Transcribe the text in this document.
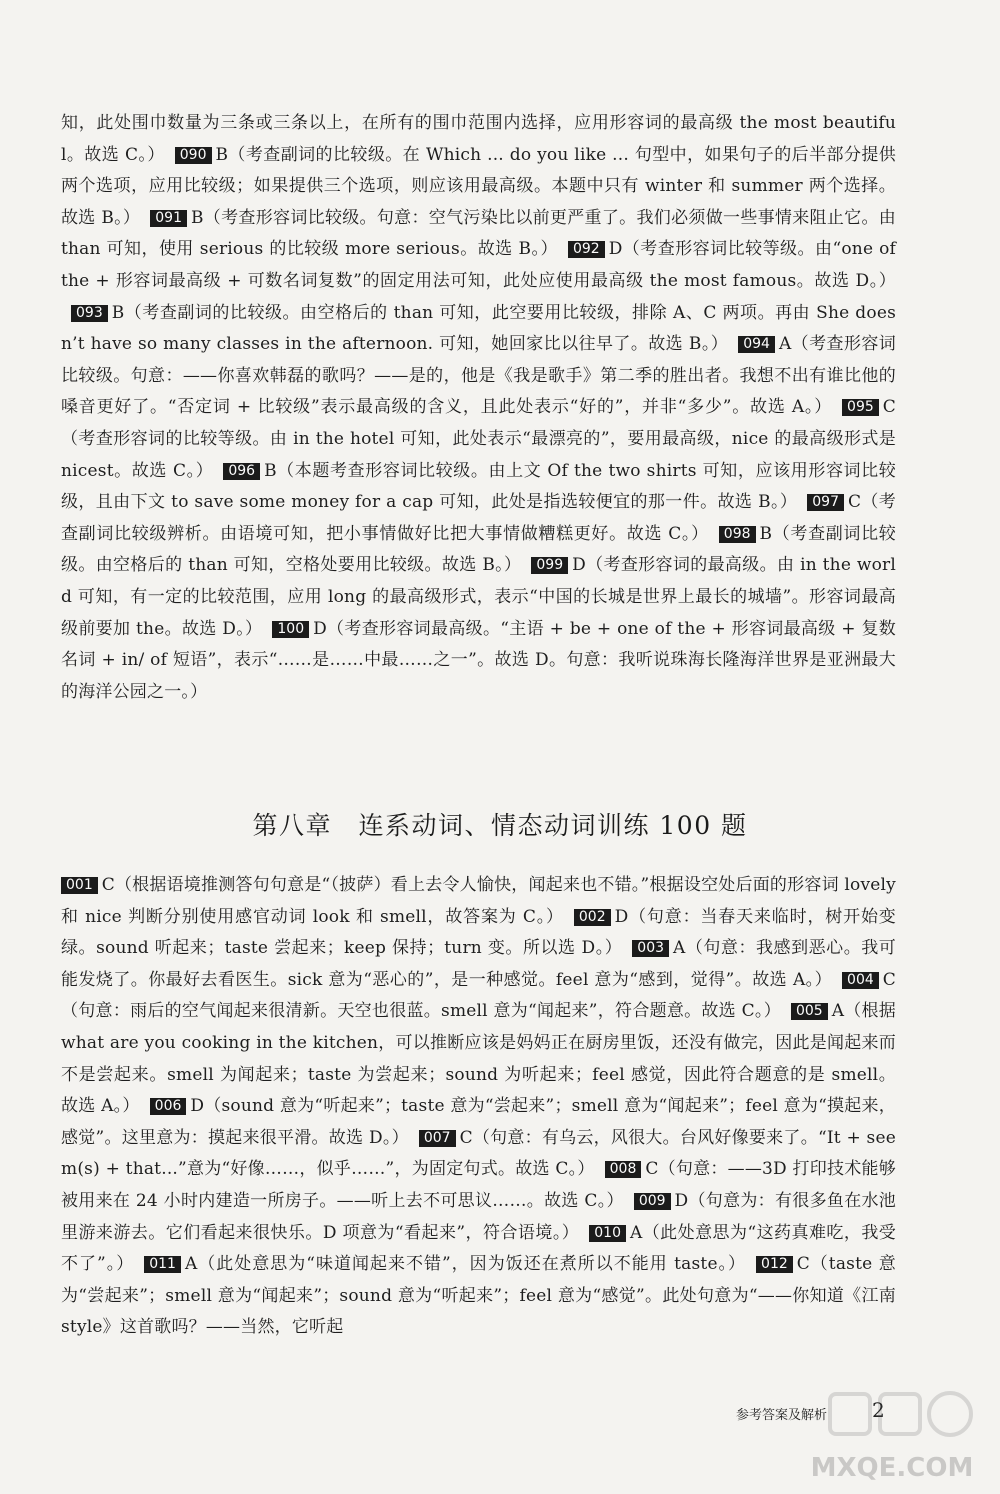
知，此处围巾数量为三条或三条以上，在所有的围巾范围内选择，应用形容词的最高级 the most beautiful。故选 C。） 090 B（考查副词的比较级。在 Which ... do you like ... 句型中，如果句子的后半部分提供两个选项，应用比较级；如果提供三个选项，则应该用最高级。本题中只有 winter 和 summer 两个选择。故选 B。） 091 B（考查形容词比较级。句意：空气污染比以前更严重了。我们必须做一些事情来阻止它。由 than 可知，使用 serious 的比较级 more serious。故选 B。） 092 D（考查形容词比较等级。由“one of the + 形容词最高级 + 可数名词复数”的固定用法可知，此处应使用最高级 the most famous。故选 D。）093 B（考查副词的比较级。由空格后的 than 可知，此空要用比较级，排除 A、C 两项。再由 She doesn’t have so many classes in the afternoon. 可知，她回家比以往早了。故选 B。） 094 A（考查形容词比较级。句意：——你喜欢韩磊的歌吗？——是的，他是《我是歌手》第二季的胜出者。我想不出有谁比他的嗓音更好了。“否定词 + 比较级”表示最高级的含义，且此处表示“好的”，并非“多少”。故选 A。） 095 C（考查形容词的比较等级。由 in the hotel 可知，此处表示“最漂亮的”，要用最高级，nice 的最高级形式是 nicest。故选 C。） 096 B（本题考查形容词比较级。由上文 Of the two shirts 可知，应该用形容词比较级，且由下文 to save some money for a cap 可知，此处是指选较便宜的那一件。故选 B。） 097 C（考查副词比较级辨析。由语境可知，把小事情做好比把大事情做糟糕更好。故选 C。） 098 B（考查副词比较级。由空格后的 than 可知，空格处要用比较级。故选 B。） 099 D（考查形容词的最高级。由 in the world 可知，有一定的比较范围，应用 long 的最高级形式，表示“中国的长城是世界上最长的城墙”。形容词最高级前要加 the。故选 D。） 100 D（考查形容词最高级。“主语 + be + one of the + 形容词最高级 + 复数名词 + in/ of 短语”，表示“……是……中最……之一”。故选 D。句意：我听说珠海长隆海洋世界是亚洲最大的海洋公园之一。）
第八章　连系动词、情态动词训练 100 题
001 C（根据语境推测答句句意是“（披萨）看上去令人愉快，闻起来也不错。”根据设空处后面的形容词 lovely 和 nice 判断分别使用感官动词 look 和 smell，故答案为 C。） 002 D（句意：当春天来临时，树开始变绿。sound 听起来；taste 尝起来；keep 保持；turn 变。所以选 D。） 003 A（句意：我感到恶心。我可能发烧了。你最好去看医生。sick 意为“恶心的”，是一种感觉。feel 意为“感到，觉得”。故选 A。） 004 C（句意：雨后的空气闻起来很清新。天空也很蓝。smell 意为“闻起来”，符合题意。故选 C。） 005 A（根据 what are you cooking in the kitchen，可以推断应该是妈妈正在厨房里饭，还没有做完，因此是闻起来而不是尝起来。smell 为闻起来；taste 为尝起来；sound 为听起来；feel 感觉，因此符合题意的是 smell。故选 A。） 006 D（sound 意为“听起来”；taste 意为“尝起来”；smell 意为“闻起来”；feel 意为“摸起来，感觉”。这里意为：摸起来很平滑。故选 D。） 007 C（句意：有乌云，风很大。台风好像要来了。“It + seem(s) + that...”意为“好像……，似乎……”，为固定句式。故选 C。） 008 C（句意：——3D 打印技术能够被用来在 24 小时内建造一所房子。——听上去不可思议……。故选 C。） 009 D（句意为：有很多鱼在水池里游来游去。它们看起来很快乐。D 项意为“看起来”，符合语境。） 010 A（此处意思为“这药真难吃，我受不了”。） 011 A（此处意思为“味道闻起来不错”，因为饭还在煮所以不能用 taste。） 012 C（taste 意为“尝起来”；smell 意为“闻起来”；sound 意为“听起来”；feel 意为“感觉”。此处句意为“——你知道《江南 style》这首歌吗？——当然，它听起
参考答案及解析 2
MXQE.COM
